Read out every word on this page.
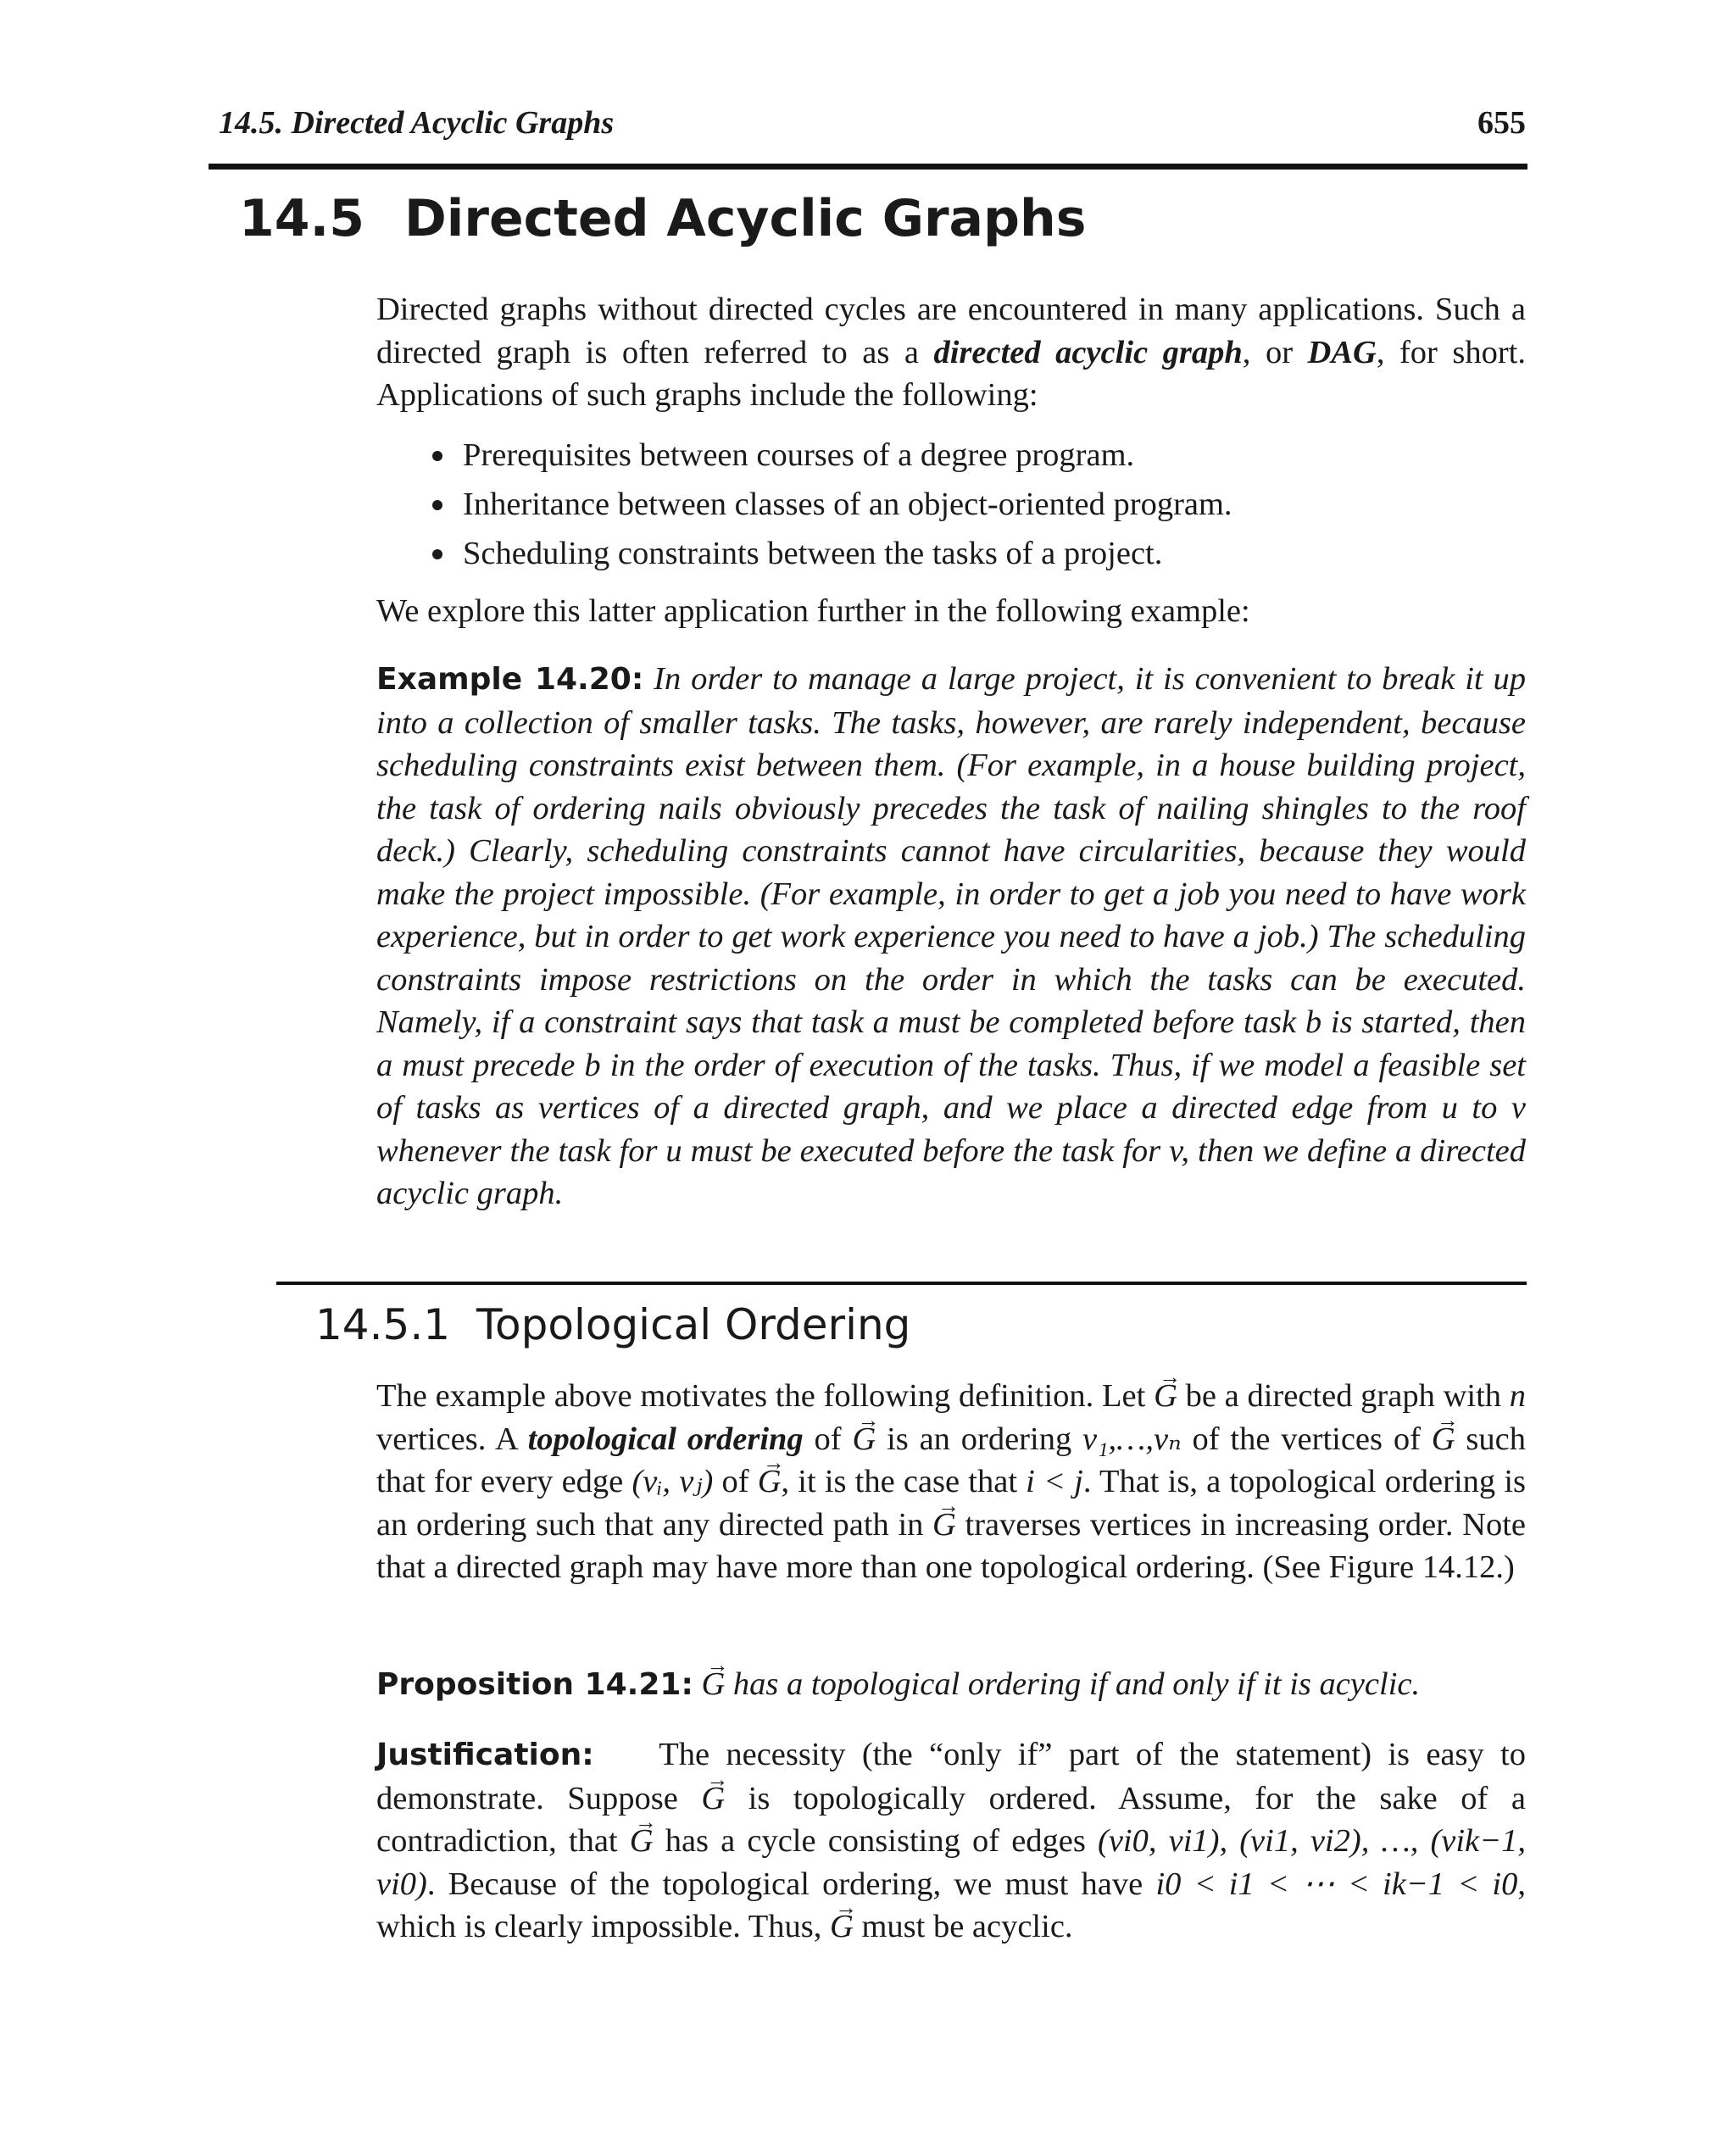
14.5. Directed Acyclic Graphs	655
14.5 Directed Acyclic Graphs

Directed graphs without directed cycles are encountered in many applications. Such a directed graph is often referred to as a directed acyclic graph, or DAG, for short. Applications of such graphs include the following:

Prerequisites between courses of a degree program.
Inheritance between classes of an object-oriented program.
Scheduling constraints between the tasks of a project.

We explore this latter application further in the following example:

Example 14.20: In order to manage a large project, it is convenient to break it up into a collection of smaller tasks. The tasks, however, are rarely independent, because scheduling constraints exist between them. (For example, in a house building project, the task of ordering nails obviously precedes the task of nailing shingles to the roof deck.) Clearly, scheduling constraints cannot have circularities, because they would make the project impossible. (For example, in order to get a job you need to have work experience, but in order to get work experience you need to have a job.) The scheduling constraints impose restrictions on the order in which the tasks can be executed. Namely, if a constraint says that task a must be completed before task b is started, then a must precede b in the order of execution of the tasks. Thus, if we model a feasible set of tasks as vertices of a directed graph, and we place a directed edge from u to v whenever the task for u must be executed before the task for v, then we define a directed acyclic graph.

14.5.1 Topological Ordering

The example above motivates the following definition. Let → G be a directed graph with n vertices. A topological ordering of → G is an ordering v₁,…,vₙ of the vertices of → G such that for every edge (vᵢ, vⱼ) of → G, it is the case that i < j. That is, a topological ordering is an ordering such that any directed path in → G traverses vertices in increasing order. Note that a directed graph may have more than one topological ordering. (See Figure 14.12.)

Proposition 14.21: → G has a topological ordering if and only if it is acyclic.

Justification: The necessity (the “only if” part of the statement) is easy to demonstrate. Suppose → G is topologically ordered. Assume, for the sake of a contradiction, that → G has a cycle consisting of edges (vi0, vi1), (vi1, vi2), …, (vik−1, vi0). Because of the topological ordering, we must have i0 < i1 < ⋯ < ik−1 < i0, which is clearly impossible. Thus, → G must be acyclic.
